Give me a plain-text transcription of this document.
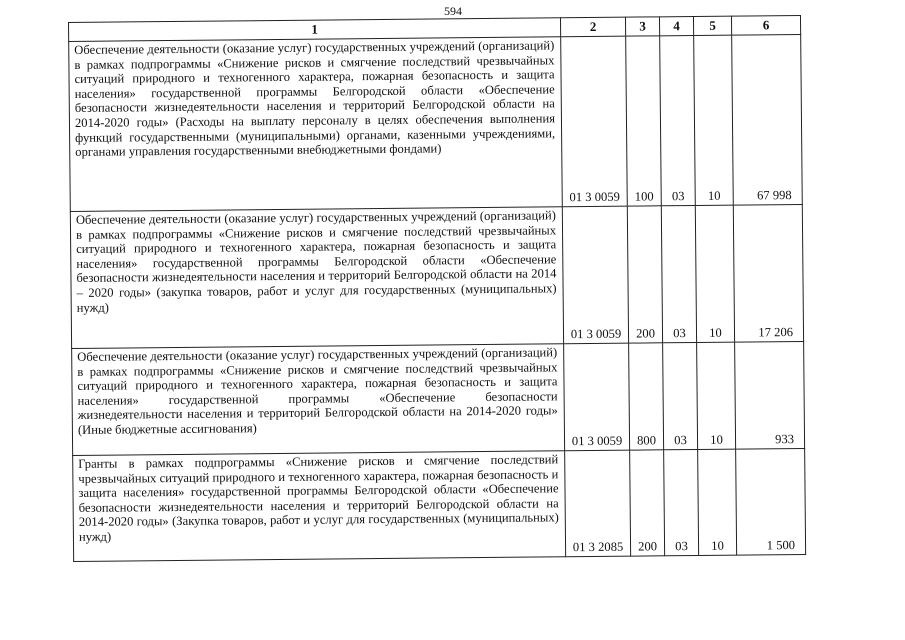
594
1	2	3	4	5	6
Обеспечение деятельности (оказание услуг) государственных учреждений (организаций) в рамках подпрограммы «Снижение рисков и смягчение последствий чрезвычайных ситуаций природного и техногенного характера, пожарная безопасность и защита населения» государственной программы Белгородской области «Обеспечение безопасности жизнедеятельности населения и территорий Белгородской области на 2014-2020 годы» (Расходы на выплату персоналу в целях обеспечения выполнения функций государственными (муниципальными) органами, казенными учреждениями, органами управления государственными внебюджетными фондами)	01 3 0059	100	03	10	67 998
Обеспечение деятельности (оказание услуг) государственных учреждений (организаций) в рамках подпрограммы «Снижение рисков и смягчение последствий чрезвычайных ситуаций природного и техногенного характера, пожарная безопасность и защита населения» государственной программы Белгородской области «Обеспечение безопасности жизнедеятельности населения и территорий Белгородской области на 2014 – 2020 годы» (закупка товаров, работ и услуг для государственных (муниципальных) нужд)	01 3 0059	200	03	10	17 206
Обеспечение деятельности (оказание услуг) государственных учреждений (организаций) в рамках подпрограммы «Снижение рисков и смягчение последствий чрезвычайных ситуаций природного и техногенного характера, пожарная безопасность и защита населения» государственной программы «Обеспечение безопасности жизнедеятельности населения и территорий Белгородской области на 2014-2020 годы» (Иные бюджетные ассигнования)	01 3 0059	800	03	10	933
Гранты в рамках подпрограммы «Снижение рисков и смягчение последствий чрезвычайных ситуаций природного и техногенного характера, пожарная безопасность и защита населения» государственной программы Белгородской области «Обеспечение безопасности жизнедеятельности населения и территорий Белгородской области на 2014-2020 годы» (Закупка товаров, работ и услуг для государственных (муниципальных) нужд)	01 3 2085	200	03	10	1 500
